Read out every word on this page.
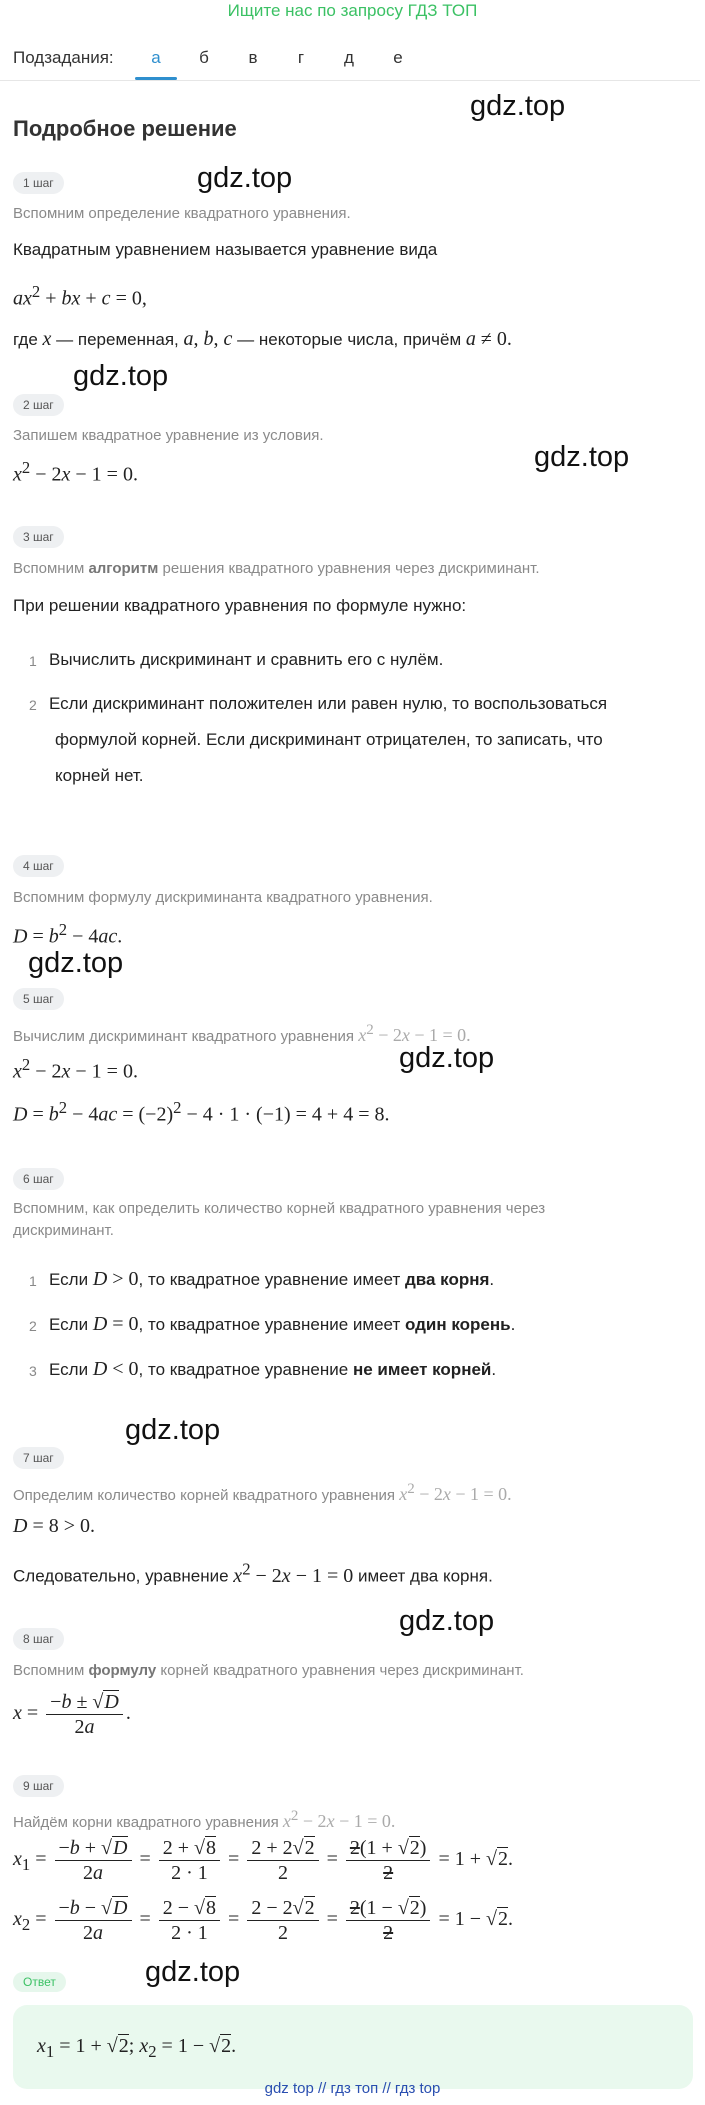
Ищите нас по запросу ГДЗ ТОП
Подзадания:	а	б	в	г	д	е
Подробное решение
gdz.top
gdz.top
gdz.top
gdz.top
gdz.top
gdz.top
gdz.top
gdz.top
gdz.top
1 шаг
Вспомним определение квадратного уравнения.
Квадратным уравнением называется уравнение вида
$ax^2$ + bx + c = 0,
где x — переменная, a, b, c — некоторые числа, причём a ≠ 0.
2 шаг
Запишем квадратное уравнение из условия.
$x^2 - 2x - 1 = 0$.
3 шаг
Вспомним алгоритм решения квадратного уравнения через дискриминант.
При решении квадратного уравнения по формуле нужно:
1 Вычислить дискриминант и сравнить его с нулём.
2 Если дискриминант положителен или равен нулю, то воспользоваться
формулой корней. Если дискриминант отрицателен, то записать, что
корней нет.
4 шаг
Вспомним формулу дискриминанта квадратного уравнения.
$D = b^2 - 4ac$.
5 шаг
Вычислим дискриминант квадратного уравнения $x^2 - 2x - 1 = 0$.
$x^2 - 2x - 1 = 0$.
$D = b^2 - 4ac = (-2)^2 - 4 \cdot 1 \cdot (-1) = 4 + 4 = 8$.
6 шаг
Вспомним, как определить количество корней квадратного уравнения через
дискриминант.
1 Если D > 0, то квадратное уравнение имеет два корня.
2 Если D = 0, то квадратное уравнение имеет один корень.
3 Если D < 0, то квадратное уравнение не имеет корней.
7 шаг
Определим количество корней квадратного уравнения $x^2 - 2x - 1 = 0$.
D = 8 > 0.
Следовательно, уравнение $x^2 - 2x - 1 = 0$ имеет два корня.
8 шаг
Вспомним формулу корней квадратного уравнения через дискриминант.
$x = \frac{-b \pm √D}{2a}$ .
9 шаг
Найдём корни квадратного уравнения $x^2 - 2x - 1 = 0$.
$x_1 = \frac{-b + √D}{2a} = \frac{2 + √8}{2 \cdot 1} = \frac{2 + 2√2}{2} = \frac{2(1 + √2)}{2} = 1 + √2$.
$x_2 = \frac{-b - √D}{2a} = \frac{2 - √8}{2 \cdot 1} = \frac{2 - 2√2}{2} = \frac{2(1 - √2)}{2} = 1 - √2$.
Ответ
$x_1 = 1 + √2$; $x_2 = 1 - √2$.
gdz top // гдз топ // гдз top
